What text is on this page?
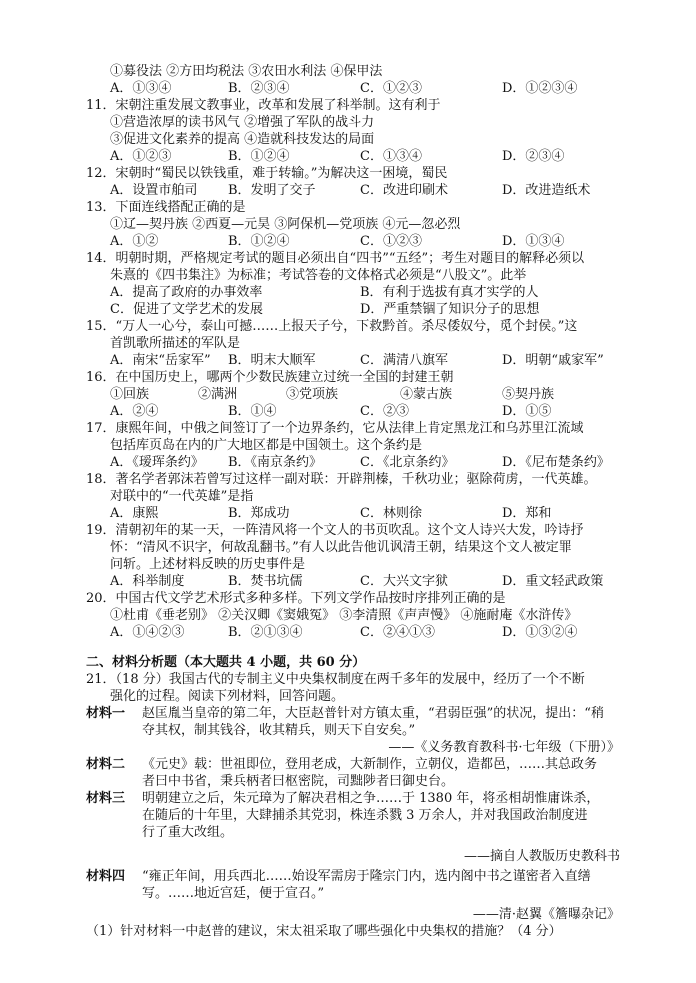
①募役法 ②方田均税法 ③农田水利法 ④保甲法
A．①③④	B．②③④	C．①②③	D．①②③④
11．宋朝注重发展文教事业，改革和发展了科举制。这有利于
①营造浓厚的读书风气 ②增强了军队的战斗力
③促进文化素养的提高 ④造就科技发达的局面
A．①②③	B．①②④	C．①③④	D．②③④
12．宋朝时“蜀民以铁钱重，难于转输。”为解决这一困境，蜀民
A．设置市舶司 B．发明了交子	C．改进印刷术	D．改进造纸术
13．下面连线搭配正确的是
①辽—契丹族 ②西夏—元昊 ③阿保机—党项族 ④元—忽必烈
A．①②	B．①②④	C．①②③	D．①③④
14．明朝时期，严格规定考试的题目必须出自“四书”“五经”；考生对题目的解释必须以
朱熹的《四书集注》为标准；考试答卷的文体格式必须是“八股文”。此举
A．提高了政府的办事效率	B．有利于选拔有真才实学的人
C．促进了文学艺术的发展	D．严重禁锢了知识分子的思想
15．“万人一心兮，泰山可撼……上报天子兮，下救黔首。杀尽倭奴兮，觅个封侯。”这
首凯歌所描述的军队是
A．南宋“岳家军” B．明末大顺军	C．满清八旗军	D．明朝“戚家军”
16．在中国历史上，哪两个少数民族建立过统一全国的封建王朝
①回族	②满洲	③党项族	④蒙古族	⑤契丹族
A．②④	B．①④	C．②③	D．①⑤
17．康熙年间，中俄之间签订了一个边界条约，它从法律上肯定黑龙江和乌苏里江流域
包括库页岛在内的广大地区都是中国领土。这个条约是
A．《瑷珲条约》 B．《南京条约》	C．《北京条约》	D．《尼布楚条约》
18．著名学者郭沫若曾写过这样一副对联：开辟荆榛，千秋功业；驱除荷虏，一代英雄。
对联中的“一代英雄”是指
A．康熙	B．郑成功	C．林则徐	D．郑和
19．清朝初年的某一天，一阵清风将一个文人的书页吹乱。这个文人诗兴大发，吟诗抒
怀：“清风不识字，何故乱翻书。”有人以此告他讥讽清王朝，结果这个文人被定罪
问斩。上述材料反映的历史事件是
A．科举制度	B．焚书坑儒	C．大兴文字狱	D．重文轻武政策
20．中国古代文学艺术形式多种多样。下列文学作品按时序排列正确的是
①杜甫《垂老别》 ②关汉卿《窦娥冤》 ③李清照《声声慢》 ④施耐庵《水浒传》
A．①④②③	B．②①③④	C．②④①③	D．①③②④
二、材料分析题（本大题共 4 小题，共 60 分）
21．（18 分）我国古代的专制主义中央集权制度在两千多年的发展中，经历了一个不断
强化的过程。阅读下列材料，回答问题。
材料一 赵匡胤当皇帝的第二年，大臣赵普针对方镇太重，“君弱臣强”的状况，提出：“稍
夺其权，制其钱谷，收其精兵，则天下自安矣。”
——《义务教育教科书·七年级（下册）》
材料二 《元史》载：世祖即位，登用老成，大新制作，立朝仪，造都邑，……其总政务
者曰中书省，秉兵柄者曰枢密院，司黜陟者曰御史台。
材料三 明朝建立之后，朱元璋为了解决君相之争……于 1380 年，将丞相胡惟庸诛杀，
在随后的十年里，大肆捕杀其党羽，株连杀戮 3 万余人，并对我国政治制度进
行了重大改组。
——摘自人教版历史教科书
材料四 “雍正年间，用兵西北……始设军需房于隆宗门内，选内阁中书之谨密者入直缮
写。……地近宫廷，便于宣召。”
——清·赵翼《簷曝杂记》
（1）针对材料一中赵普的建议，宋太祖采取了哪些强化中央集权的措施？（4 分）
